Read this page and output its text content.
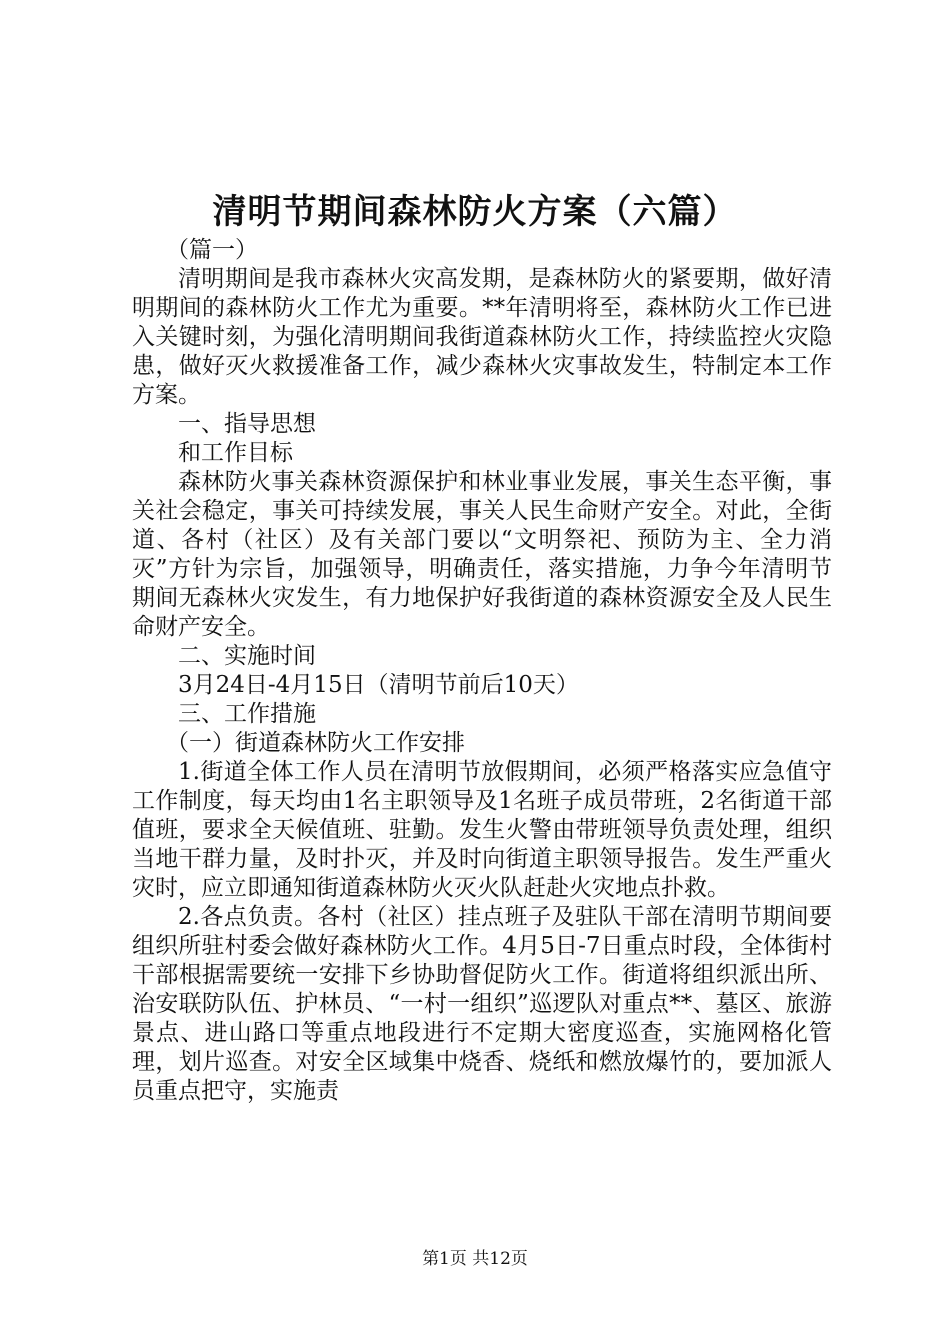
清明节期间森林防火方案（六篇）

（篇一）

清明期间是我市森林火灾高发期，是森林防火的紧要期，做好清明期间的森林防火工作尤为重要。**年清明将至，森林防火工作已进入关键时刻，为强化清明期间我街道森林防火工作，持续监控火灾隐患，做好灭火救援准备工作，减少森林火灾事故发生，特制定本工作方案。

一、指导思想

和工作目标

森林防火事关森林资源保护和林业事业发展，事关生态平衡，事关社会稳定，事关可持续发展，事关人民生命财产安全。对此，全街道、各村（社区）及有关部门要以“文明祭祀、预防为主、全力消灭”方针为宗旨，加强领导，明确责任，落实措施，力争今年清明节期间无森林火灾发生，有力地保护好我街道的森林资源安全及人民生命财产安全。

二、实施时间

3月24日-4月15日（清明节前后10天）

三、工作措施

（一）街道森林防火工作安排

1.街道全体工作人员在清明节放假期间，必须严格落实应急值守工作制度，每天均由1名主职领导及1名班子成员带班，2名街道干部值班，要求全天候值班、驻勤。发生火警由带班领导负责处理，组织当地干群力量，及时扑灭，并及时向街道主职领导报告。发生严重火灾时，应立即通知街道森林防火灭火队赶赴火灾地点扑救。

2.各点负责。各村（社区）挂点班子及驻队干部在清明节期间要组织所驻村委会做好森林防火工作。4月5日-7日重点时段，全体街村干部根据需要统一安排下乡协助督促防火工作。街道将组织派出所、治安联防队伍、护林员、“一村一组织”巡逻队对重点**、墓区、旅游景点、进山路口等重点地段进行不定期大密度巡查，实施网格化管理，划片巡查。对安全区域集中烧香、烧纸和燃放爆竹的，要加派人员重点把守，实施责

第1页 共12页
